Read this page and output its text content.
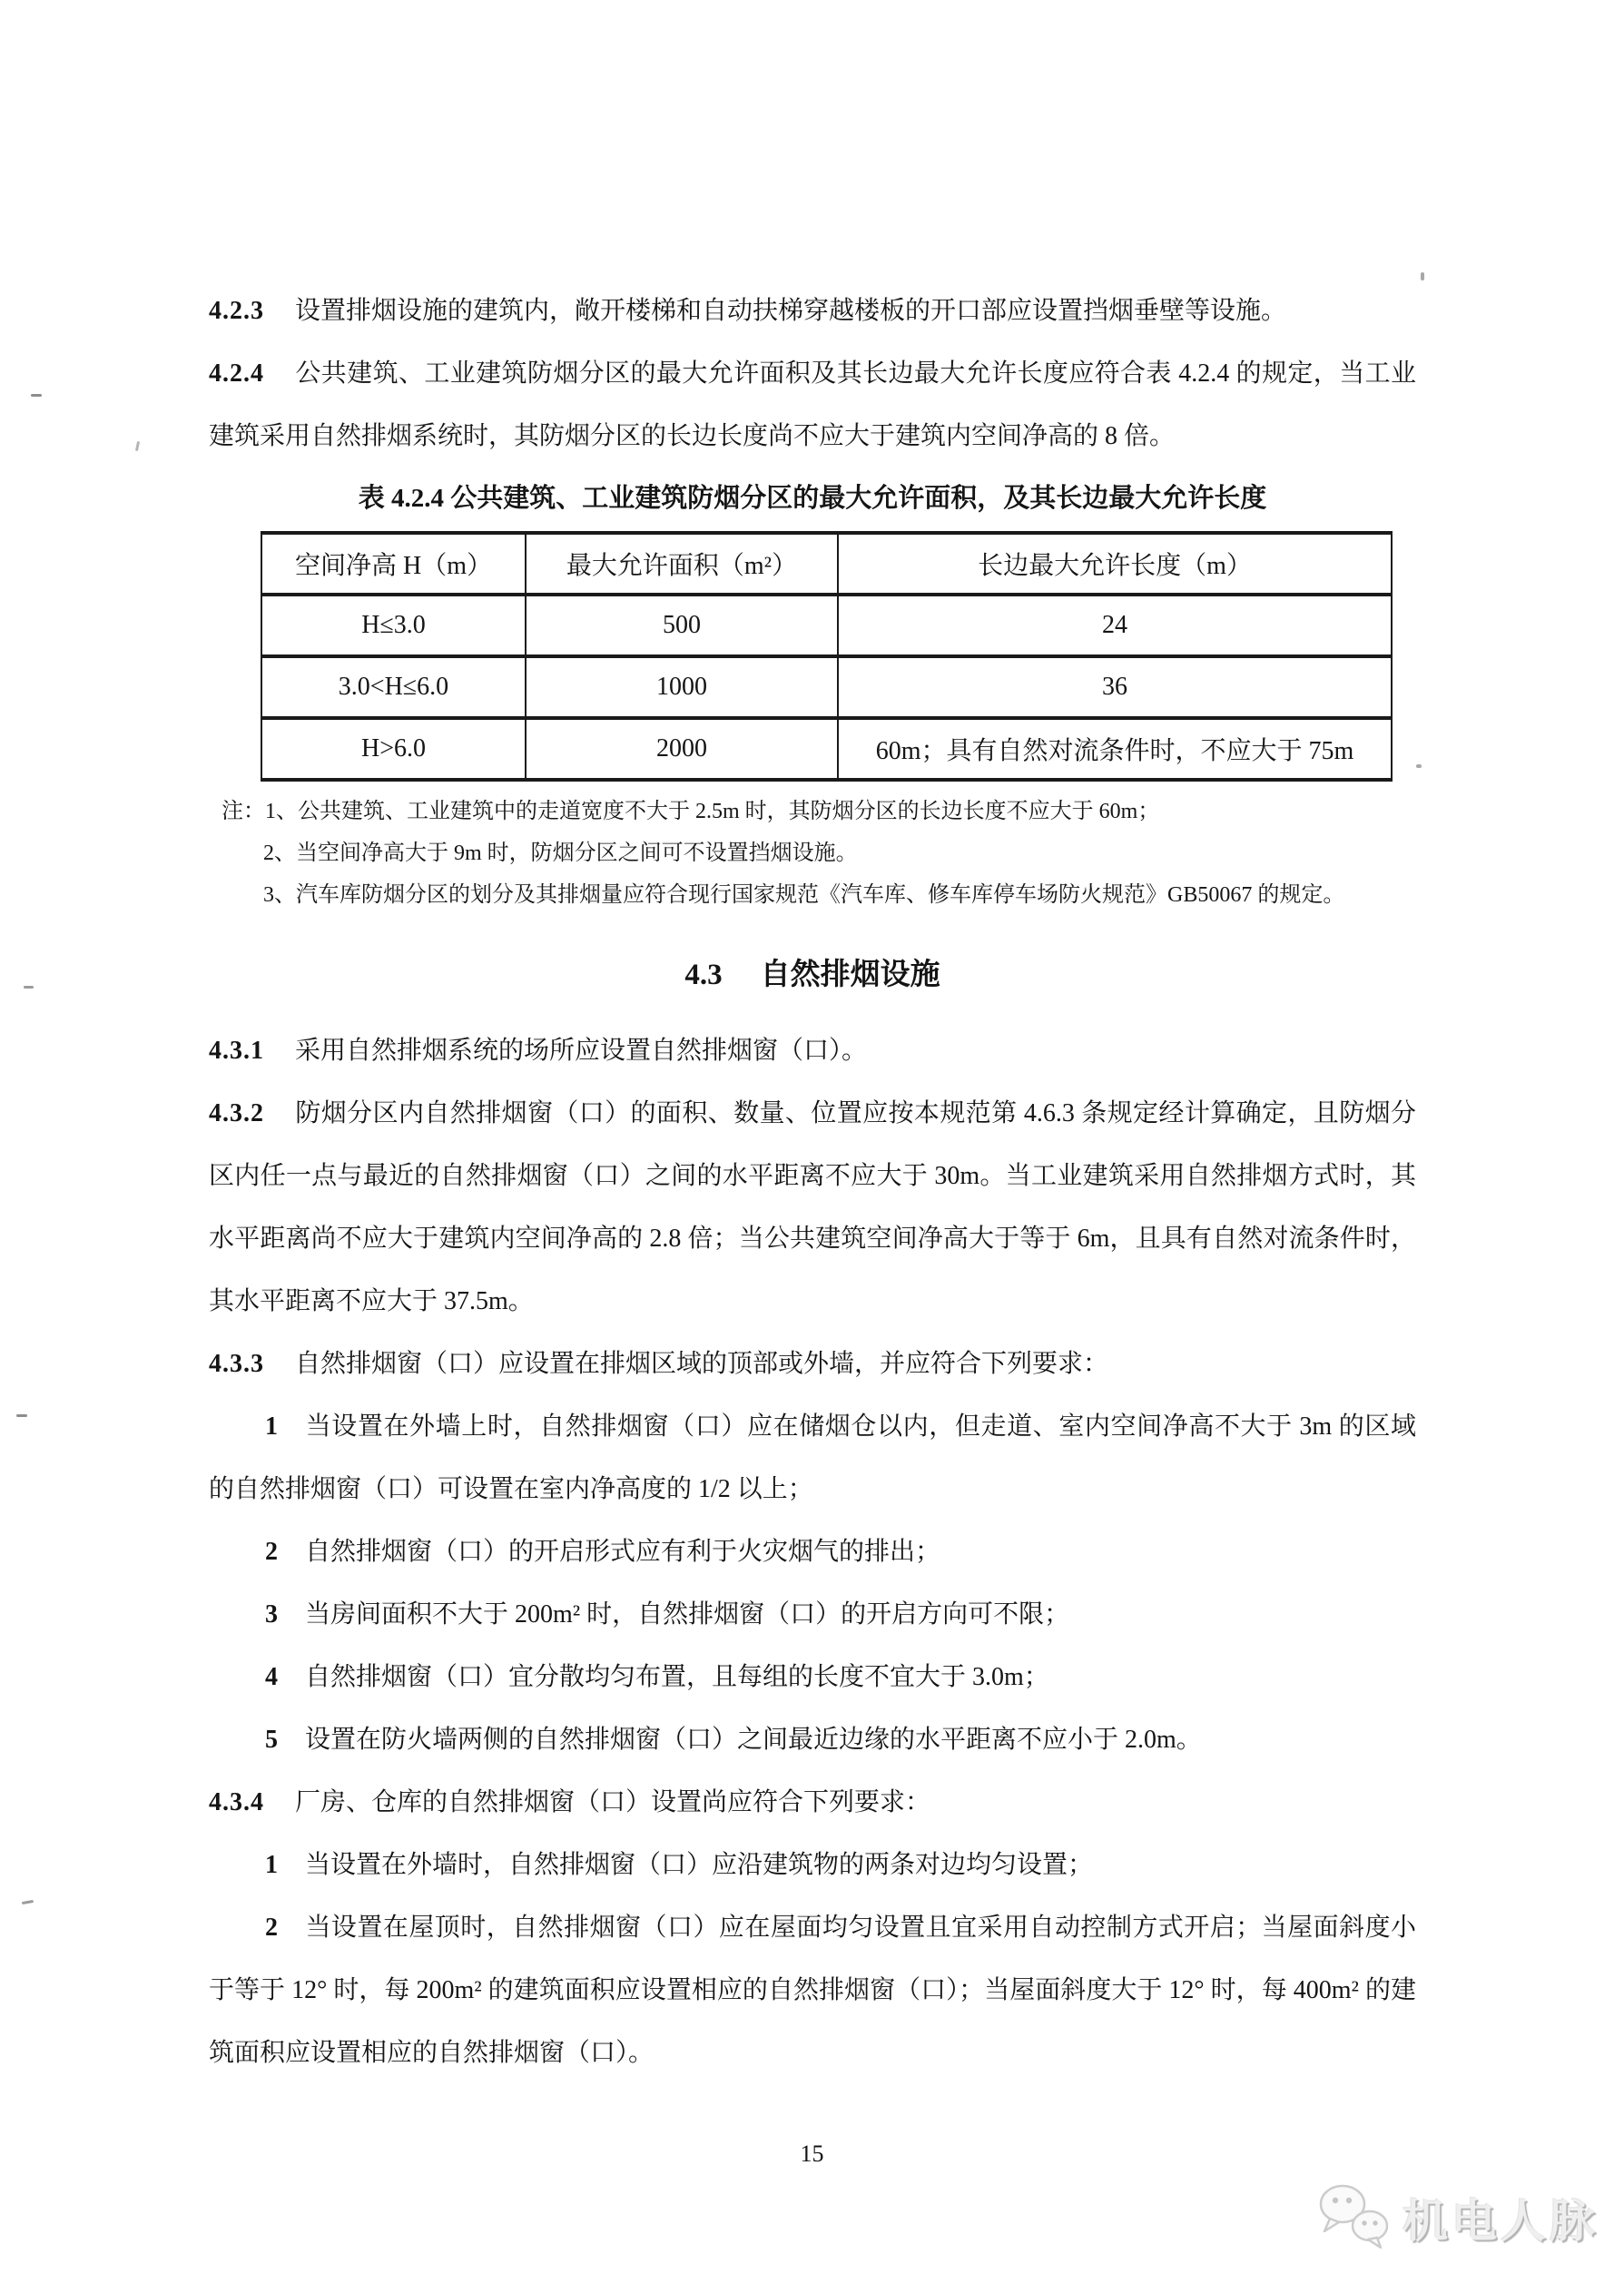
4.2.3 设置排烟设施的建筑内，敞开楼梯和自动扶梯穿越楼板的开口部应设置挡烟垂壁等设施。

4.2.4 公共建筑、工业建筑防烟分区的最大允许面积及其长边最大允许长度应符合表 4.2.4 的规定，当工业建筑采用自然排烟系统时，其防烟分区的长边长度尚不应大于建筑内空间净高的 8 倍。

表 4.2.4 公共建筑、工业建筑防烟分区的最大允许面积，及其长边最大允许长度
空间净高 H（m）	最大允许面积（m²）	长边最大允许长度（m）
H≤3.0	500	24
3.0<H≤6.0	1000	36
H>6.0	2000	60m；具有自然对流条件时，不应大于 75m

注：1、公共建筑、工业建筑中的走道宽度不大于 2.5m 时，其防烟分区的长边长度不应大于 60m；

2、当空间净高大于 9m 时，防烟分区之间可不设置挡烟设施。

3、汽车库防烟分区的划分及其排烟量应符合现行国家规范《汽车库、修车库停车场防火规范》GB50067 的规定。

4.3 自然排烟设施

4.3.1 采用自然排烟系统的场所应设置自然排烟窗（口）。

4.3.2 防烟分区内自然排烟窗（口）的面积、数量、位置应按本规范第 4.6.3 条规定经计算确定，且防烟分区内任一点与最近的自然排烟窗（口）之间的水平距离不应大于 30m。当工业建筑采用自然排烟方式时，其水平距离尚不应大于建筑内空间净高的 2.8 倍；当公共建筑空间净高大于等于 6m，且具有自然对流条件时，其水平距离不应大于 37.5m。

4.3.3 自然排烟窗（口）应设置在排烟区域的顶部或外墙，并应符合下列要求：

1 当设置在外墙上时，自然排烟窗（口）应在储烟仓以内，但走道、室内空间净高不大于 3m 的区域的自然排烟窗（口）可设置在室内净高度的 1/2 以上；

2 自然排烟窗（口）的开启形式应有利于火灾烟气的排出；

3 当房间面积不大于 200m² 时，自然排烟窗（口）的开启方向可不限；

4 自然排烟窗（口）宜分散均匀布置，且每组的长度不宜大于 3.0m；

5 设置在防火墙两侧的自然排烟窗（口）之间最近边缘的水平距离不应小于 2.0m。

4.3.4 厂房、仓库的自然排烟窗（口）设置尚应符合下列要求：

1 当设置在外墙时，自然排烟窗（口）应沿建筑物的两条对边均匀设置；

2 当设置在屋顶时，自然排烟窗（口）应在屋面均匀设置且宜采用自动控制方式开启；当屋面斜度小于等于 12° 时，每 200m² 的建筑面积应设置相应的自然排烟窗（口）；当屋面斜度大于 12° 时，每 400m² 的建筑面积应设置相应的自然排烟窗（口）。

15
机电人脉
